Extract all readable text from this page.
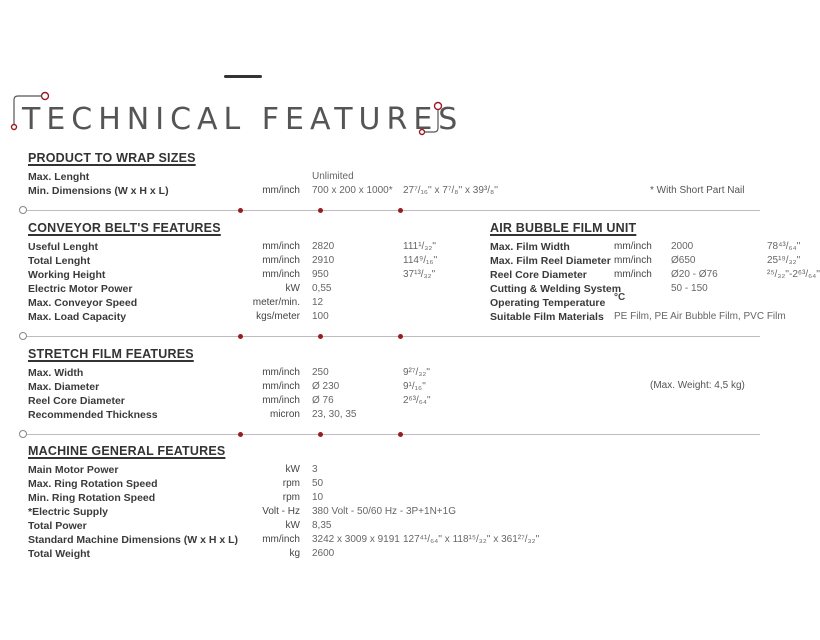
TECHNICAL FEATURES
PRODUCT TO WRAP SIZES
Max. Lenght	Unlimited
Min. Dimensions (W x H x L)	mm/inch 700 x 200 x 1000* 27⁷/₁₆'' x 7⁷/₈'' x 39³/₈''	* With Short Part Nail
CONVEYOR BELT'S FEATURES
Useful Lenght	mm/inch 2820	111¹/₃₂''
Total Lenght	mm/inch 2910	114⁹/₁₆''
Working Height	mm/inch 950	37¹³/₃₂''
Electric Motor Power	kW 0,55
Max. Conveyor Speed	meter/min. 12
Max. Load Capacity	kgs/meter 100
AIR BUBBLE FILM UNIT
Max. Film Width	mm/inch 2000	78⁴³/₆₄''
Max. Film Reel Diameter mm/inch Ø650	25¹⁹/₃₂''
Reel Core Diameter	mm/inch Ø20 - Ø76	²⁵/₃₂''-2⁶³/₆₄''
Cutting & Welding System	50 - 150
Operating Temperature °C
Suitable Film Materials PE Film, PE Air Bubble Film, PVC Film
STRETCH FILM FEATURES
Max. Width	mm/inch 250	9²⁷/₃₂''
Max. Diameter	mm/inch Ø 230	9¹/₁₆''
Reel Core Diameter	mm/inch Ø 76	2⁶³/₆₄''
Recommended Thickness	micron 23, 30, 35
(Max. Weight: 4,5 kg)
MACHINE GENERAL FEATURES
Main Motor Power	kW 3
Max. Ring Rotation Speed	rpm 50
Min. Ring Rotation Speed	rpm 10
*Electric Supply	Volt - Hz 380 Volt - 50/60 Hz - 3P+1N+1G
Total Power	kW 8,35
Standard Machine Dimensions (W x H x L)	mm/inch 3242 x 3009 x 9191 127⁴¹/₆₄'' x 118¹⁵/₃₂'' x 361²⁷/₃₂''
Total Weight	kg 2600
